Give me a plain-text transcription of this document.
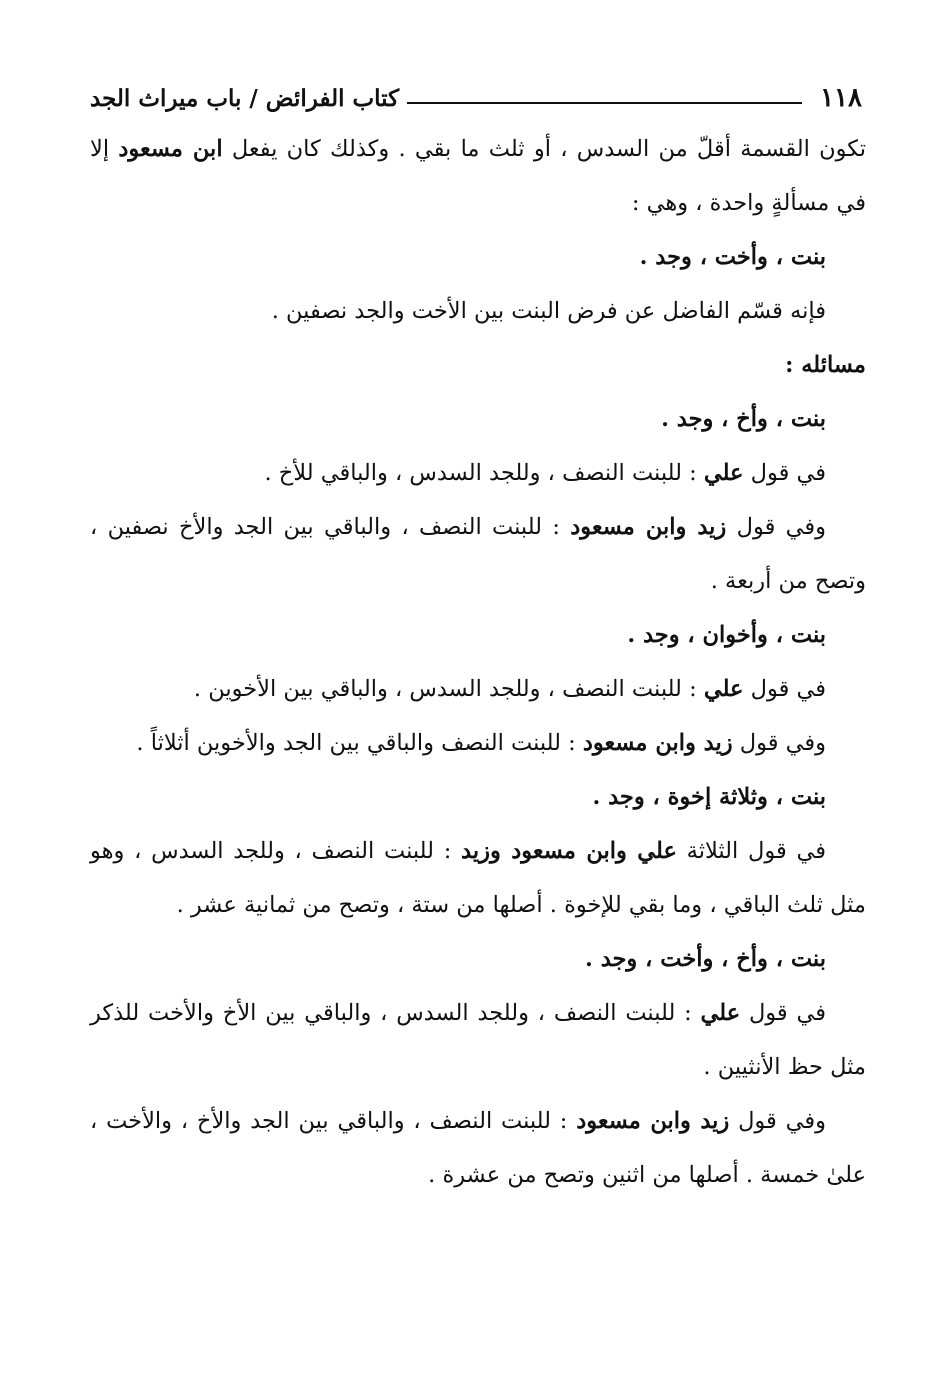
١١٨
كتاب الفرائض / باب ميراث الجد

تكون القسمة أقلّ من السدس ، أو ثلث ما بقي . وكذلك كان يفعل ابن مسعود إلا في مسألةٍ واحدة ، وهي :

بنت ، وأخت ، وجد .

فإنه قسّم الفاضل عن فرض البنت بين الأخت والجد نصفين .

مسائله :

بنت ، وأخ ، وجد .

في قول علي : للبنت النصف ، وللجد السدس ، والباقي للأخ .

وفي قول زيد وابن مسعود : للبنت النصف ، والباقي بين الجد والأخ نصفين ، وتصح من أربعة .

بنت ، وأخوان ، وجد .

في قول علي : للبنت النصف ، وللجد السدس ، والباقي بين الأخوين .

وفي قول زيد وابن مسعود : للبنت النصف والباقي بين الجد والأخوين أثلاثاً .

بنت ، وثلاثة إخوة ، وجد .

في قول الثلاثة علي وابن مسعود وزيد : للبنت النصف ، وللجد السدس ، وهو مثل ثلث الباقي ، وما بقي للإخوة . أصلها من ستة ، وتصح من ثمانية عشر .

بنت ، وأخ ، وأخت ، وجد .

في قول علي : للبنت النصف ، وللجد السدس ، والباقي بين الأخ والأخت للذكر مثل حظ الأنثيين .

وفي قول زيد وابن مسعود : للبنت النصف ، والباقي بين الجد والأخ ، والأخت ، علىٰ خمسة . أصلها من اثنين وتصح من عشرة .
